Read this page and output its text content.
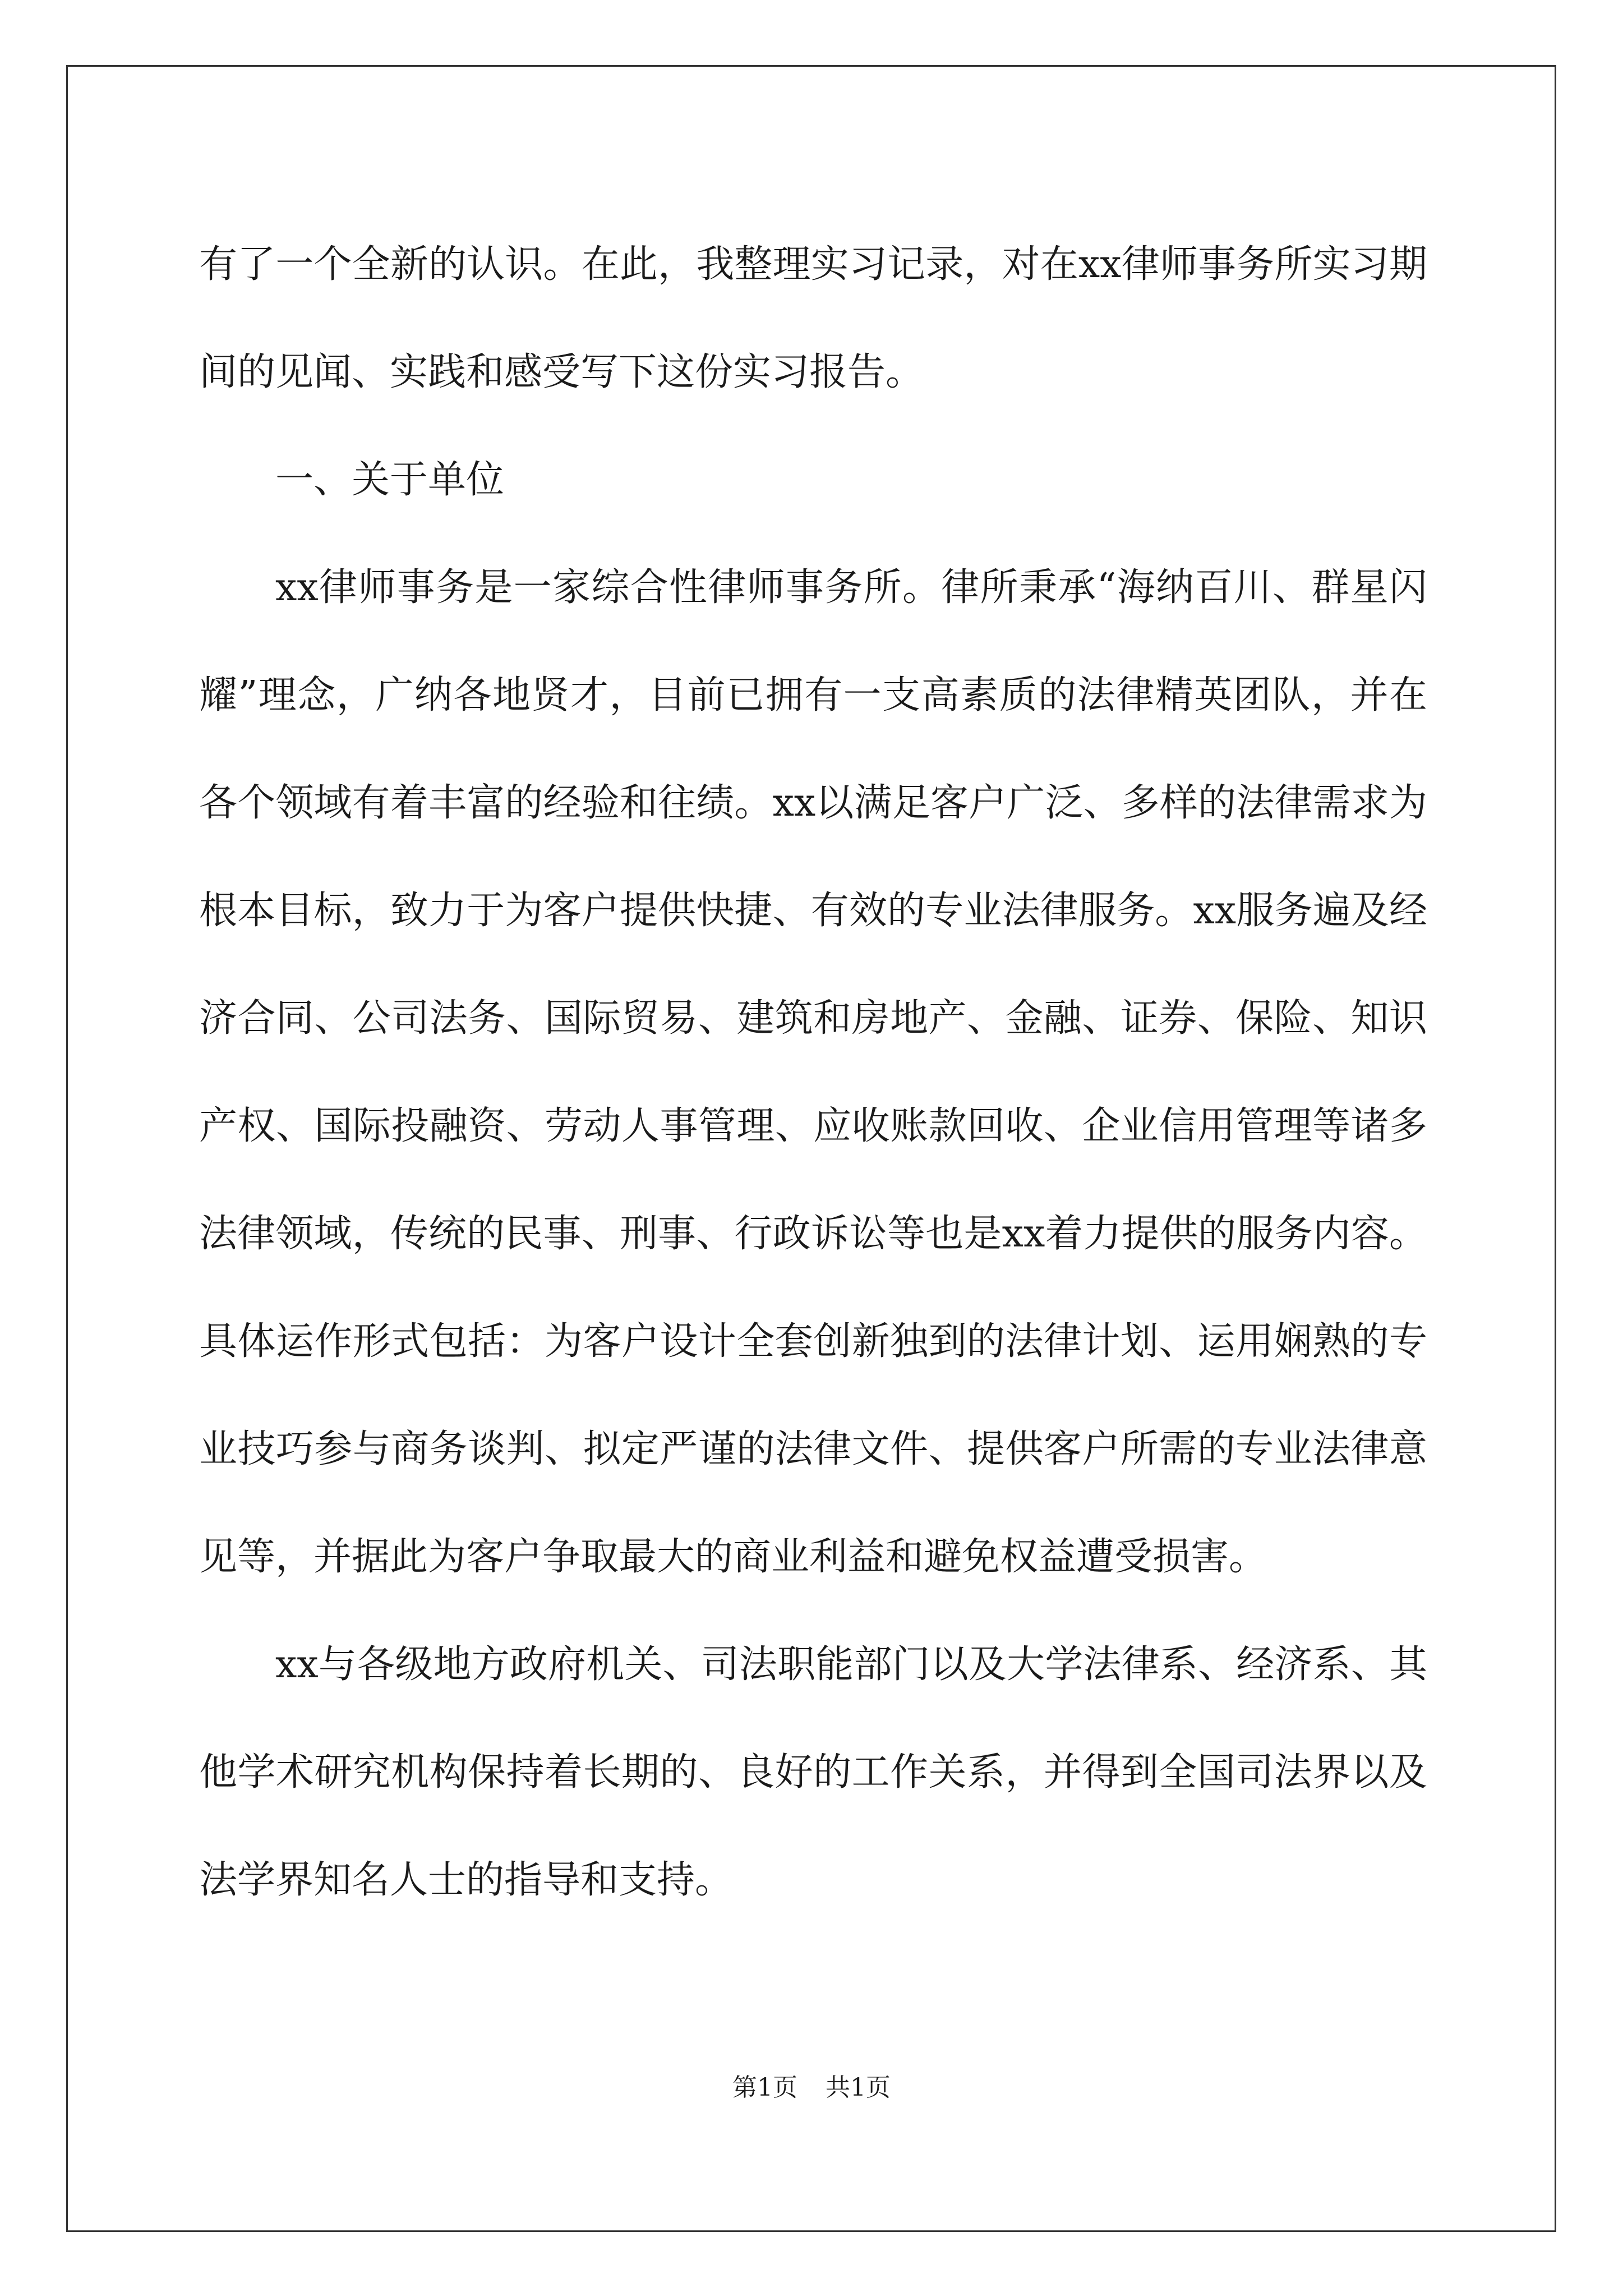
有了一个全新的认识。在此，我整理实习记录，对在xx律师事务所实习期间的见闻、实践和感受写下这份实习报告。

一、关于单位

xx律师事务是一家综合性律师事务所。律所秉承“海纳百川、群星闪耀”理念，广纳各地贤才，目前已拥有一支高素质的法律精英团队，并在各个领域有着丰富的经验和往绩。xx以满足客户广泛、多样的法律需求为根本目标，致力于为客户提供快捷、有效的专业法律服务。xx服务遍及经济合同、公司法务、国际贸易、建筑和房地产、金融、证券、保险、知识产权、国际投融资、劳动人事管理、应收账款回收、企业信用管理等诸多法律领域，传统的民事、刑事、行政诉讼等也是xx着力提供的服务内容。具体运作形式包括：为客户设计全套创新独到的法律计划、运用娴熟的专业技巧参与商务谈判、拟定严谨的法律文件、提供客户所需的专业法律意见等，并据此为客户争取最大的商业利益和避免权益遭受损害。

xx与各级地方政府机关、司法职能部门以及大学法律系、经济系、其他学术研究机构保持着长期的、良好的工作关系，并得到全国司法界以及法学界知名人士的指导和支持。

第1页 共1页
